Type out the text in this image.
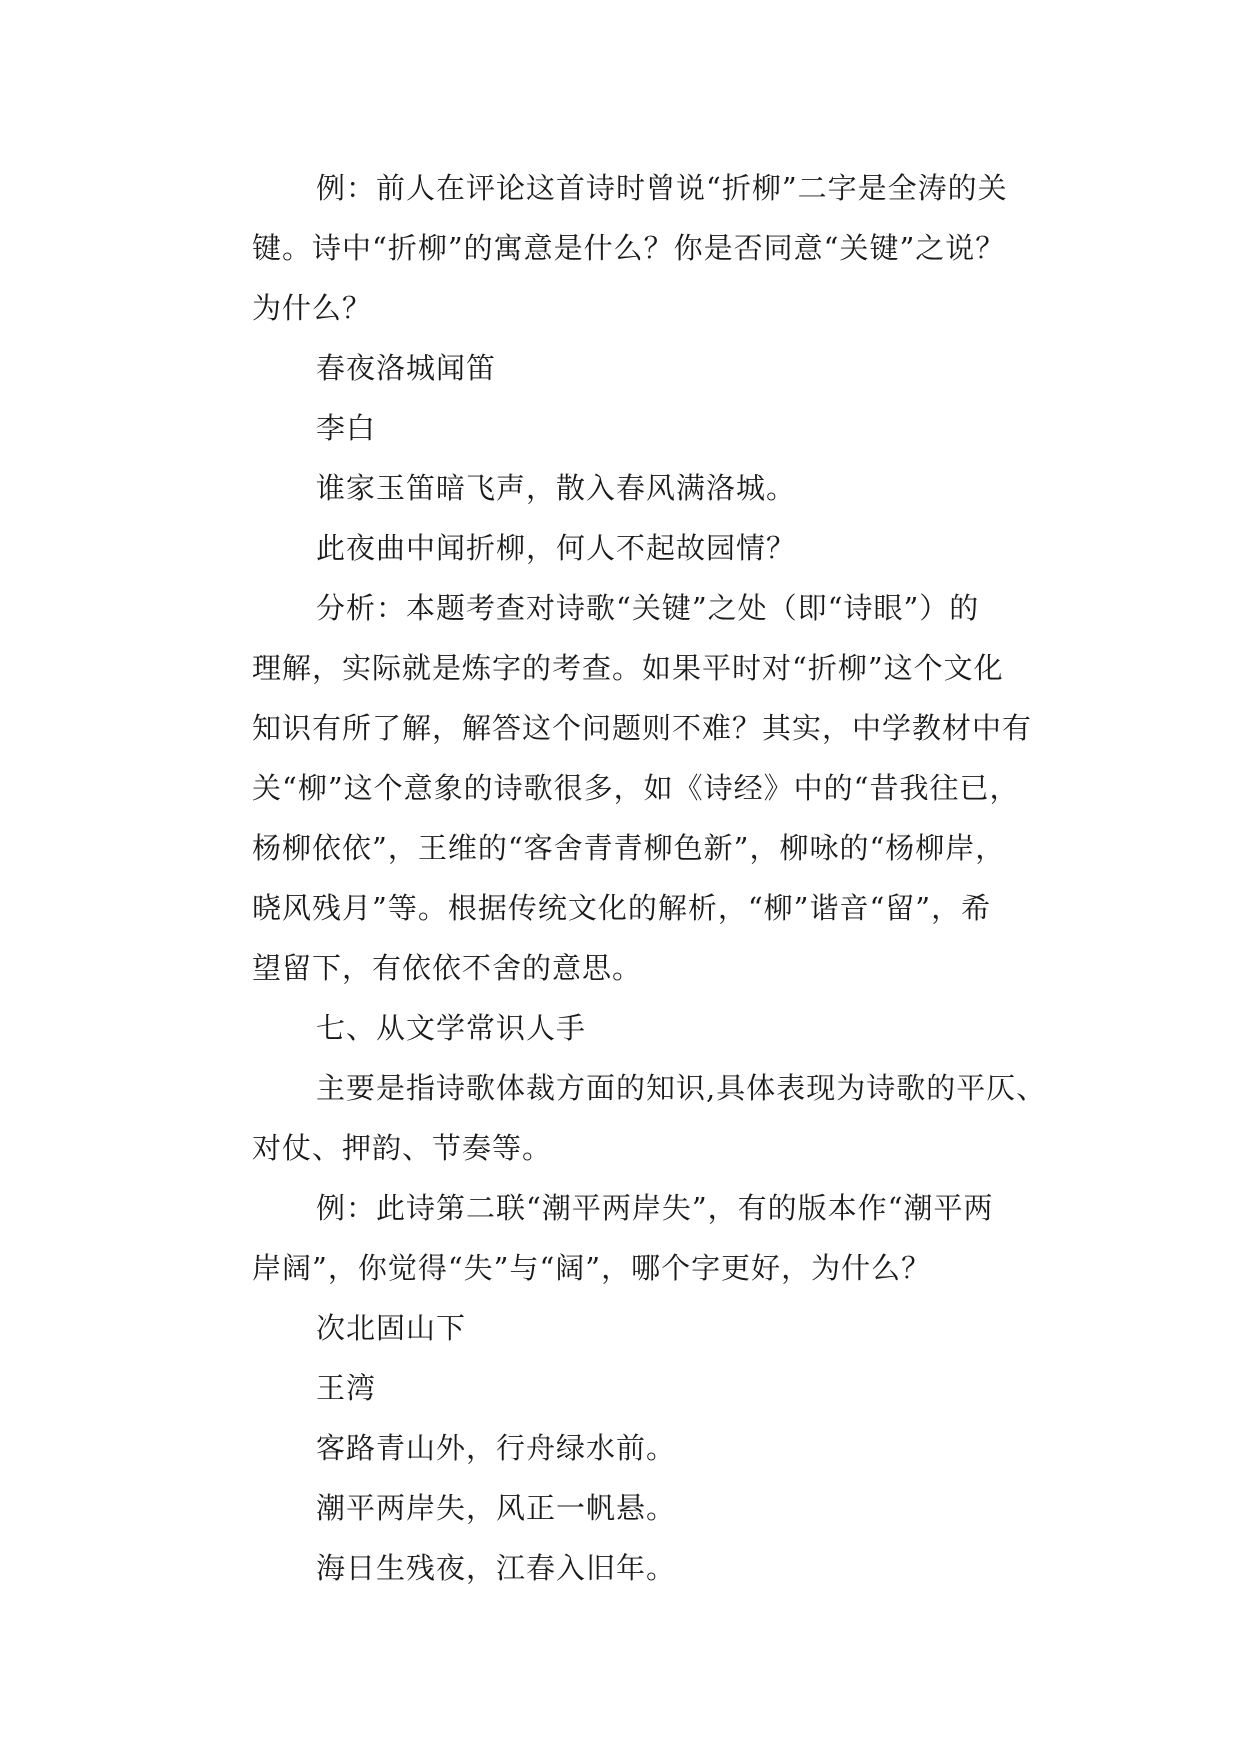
例：前人在评论这首诗时曾说“折柳”二字是全涛的关
键。诗中“折柳”的寓意是什么？你是否同意“关键”之说？
为什么？
春夜洛城闻笛
李白
谁家玉笛暗飞声，散入春风满洛城。
此夜曲中闻折柳，何人不起故园情？
分析：本题考查对诗歌“关键”之处（即“诗眼”）的
理解，实际就是炼字的考查。如果平时对“折柳”这个文化
知识有所了解，解答这个问题则不难？其实，中学教材中有
关“柳”这个意象的诗歌很多，如《诗经》中的“昔我往已，
杨柳依依”，王维的“客舍青青柳色新”，柳咏的“杨柳岸，
晓风残月”等。根据传统文化的解析，“柳”谐音“留”，希
望留下，有依依不舍的意思。
七、从文学常识人手
主要是指诗歌体裁方面的知识,具体表现为诗歌的平仄、
对仗、押韵、节奏等。
例：此诗第二联“潮平两岸失”，有的版本作“潮平两
岸阔”，你觉得“失”与“阔”，哪个字更好，为什么？
次北固山下
王湾
客路青山外，行舟绿水前。
潮平两岸失，风正一帆悬。
海日生残夜，江春入旧年。
